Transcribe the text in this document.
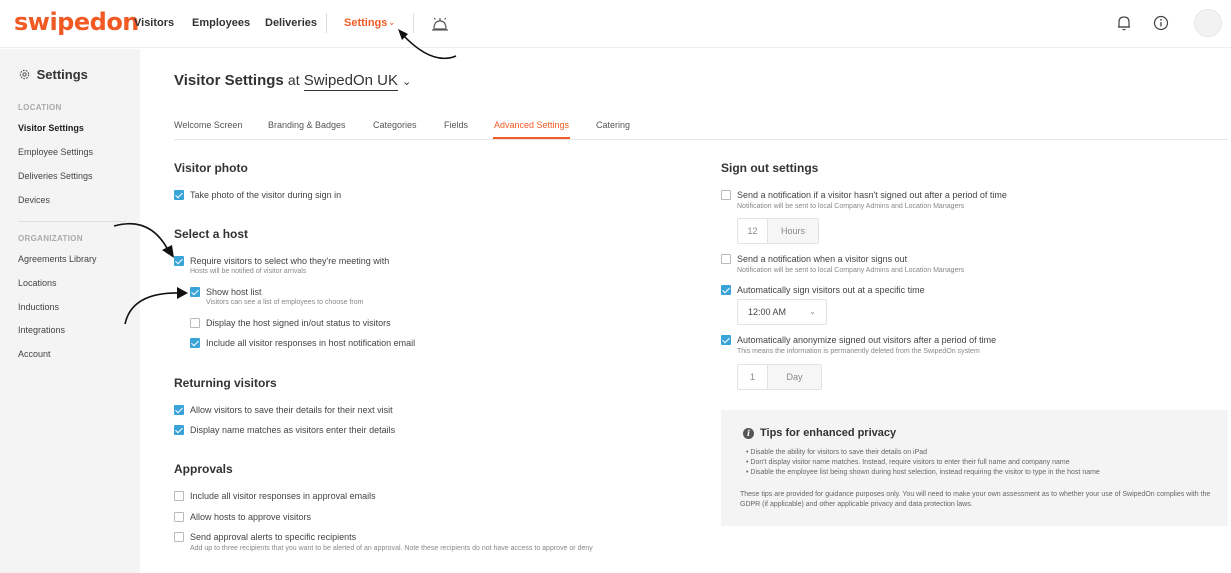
swipedon
Visitors Employees Deliveries Settings ⌄
Settings
LOCATION
Visitor Settings
Employee Settings
Deliveries Settings
Devices
ORGANIZATION
Agreements Library
Locations
Inductions
Integrations
Account
Visitor Settings at SwipedOn UK ⌄
Welcome Screen	Branding & Badges	Categories	Fields	Advanced Settings	Catering
Visitor photo
Take photo of the visitor during sign in
Select a host
Require visitors to select who they're meeting with
Hosts will be notified of visitor arrivals
Show host list
Visitors can see a list of employees to choose from
Display the host signed in/out status to visitors
Include all visitor responses in host notification email
Returning visitors
Allow visitors to save their details for their next visit
Display name matches as visitors enter their details
Approvals
Include all visitor responses in approval emails
Allow hosts to approve visitors
Send approval alerts to specific recipients
Add up to three recipients that you want to be alerted of an approval. Note these recipients do not have access to approve or deny
Sign out settings
Send a notification if a visitor hasn't signed out after a period of time
Notification will be sent to local Company Admins and Location Managers
12	Hours
Send a notification when a visitor signs out
Notification will be sent to local Company Admins and Location Managers
Automatically sign visitors out at a specific time
12:00 AM	⌄
Automatically anonymize signed out visitors after a period of time
This means the information is permanently deleted from the SwipedOn system
1	Day
i Tips for enhanced privacy
• Disable the ability for visitors to save their details on iPad
• Don't display visitor name matches. Instead, require visitors to enter their full name and company name
• Disable the employee list being shown during host selection, instead requiring the visitor to type in the host name
These tips are provided for guidance purposes only. You will need to make your own assessment as to whether your use of SwipedOn complies with the GDPR (if applicable) and other applicable privacy and data protection laws.
